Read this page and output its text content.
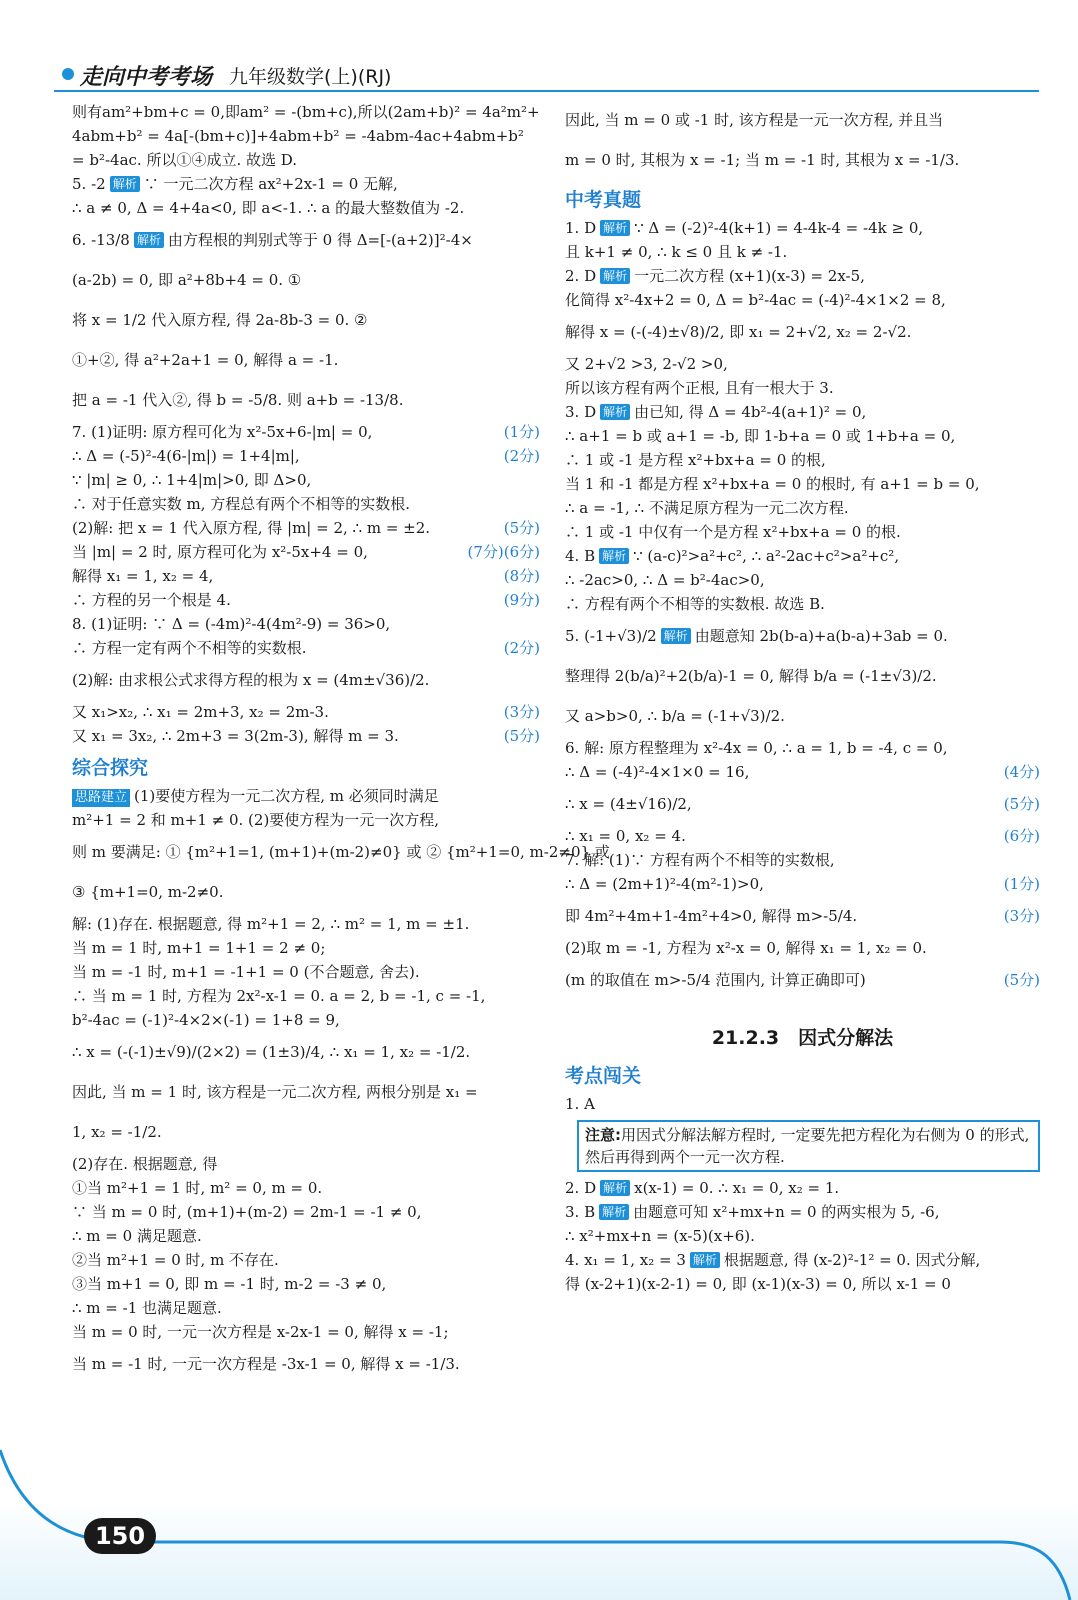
走向中考考场 九年级数学(上)(RJ)
则有am²+bm+c = 0,即am² = -(bm+c),所以(2am+b)² = 4a²m²+
4abm+b² = 4a[-(bm+c)]+4abm+b² = -4abm-4ac+4abm+b²
= b²-4ac. 所以①④成立. 故选 D.
5. -2 解析 ∵ 一元二次方程 ax²+2x-1 = 0 无解,
∴ a ≠ 0, Δ = 4+4a<0, 即 a<-1. ∴ a 的最大整数值为 -2.
6. -13/8 解析 由方程根的判别式等于 0 得 Δ=[-(a+2)]²-4×
(a-2b) = 0, 即 a²+8b+4 = 0. ①
将 x = 1/2 代入原方程, 得 2a-8b-3 = 0. ②
①+②, 得 a²+2a+1 = 0, 解得 a = -1.
把 a = -1 代入②, 得 b = -5/8. 则 a+b = -13/8.
(1分)
7. (1)证明: 原方程可化为 x²-5x+6-|m| = 0,
(2分)
∴ Δ = (-5)²-4(6-|m|) = 1+4|m|,
∵ |m| ≥ 0, ∴ 1+4|m|>0, 即 Δ>0,
∴ 对于任意实数 m, 方程总有两个不相等的实数根.
(5分)
(2)解: 把 x = 1 代入原方程, 得 |m| = 2, ∴ m = ±2.
(6分)
(7分)
当 |m| = 2 时, 原方程可化为 x²-5x+4 = 0,
(8分)
解得 x₁ = 1, x₂ = 4,
(9分)
∴ 方程的另一个根是 4.
8. (1)证明: ∵ Δ = (-4m)²-4(4m²-9) = 36>0,
(2分)
∴ 方程一定有两个不相等的实数根.
(2)解: 由求根公式求得方程的根为 x = (4m±√36)/2.
(3分)
又 x₁>x₂, ∴ x₁ = 2m+3, x₂ = 2m-3.
(5分)
又 x₁ = 3x₂, ∴ 2m+3 = 3(2m-3), 解得 m = 3.
综合探究
思路建立 (1)要使方程为一元二次方程, m 必须同时满足
m²+1 = 2 和 m+1 ≠ 0. (2)要使方程为一元一次方程,
则 m 要满足: ① {m²+1=1, (m+1)+(m-2)≠0} 或 ② {m²+1=0, m-2≠0} 或
③ {m+1=0, m-2≠0.
解: (1)存在. 根据题意, 得 m²+1 = 2, ∴ m² = 1, m = ±1.
当 m = 1 时, m+1 = 1+1 = 2 ≠ 0;
当 m = -1 时, m+1 = -1+1 = 0 (不合题意, 舍去).
∴ 当 m = 1 时, 方程为 2x²-x-1 = 0. a = 2, b = -1, c = -1,
b²-4ac = (-1)²-4×2×(-1) = 1+8 = 9,
∴ x = (-(-1)±√9)/(2×2) = (1±3)/4, ∴ x₁ = 1, x₂ = -1/2.
因此, 当 m = 1 时, 该方程是一元二次方程, 两根分别是 x₁ =
1, x₂ = -1/2.
(2)存在. 根据题意, 得
①当 m²+1 = 1 时, m² = 0, m = 0.
∵ 当 m = 0 时, (m+1)+(m-2) = 2m-1 = -1 ≠ 0,
∴ m = 0 满足题意.
②当 m²+1 = 0 时, m 不存在.
③当 m+1 = 0, 即 m = -1 时, m-2 = -3 ≠ 0,
∴ m = -1 也满足题意.
当 m = 0 时, 一元一次方程是 x-2x-1 = 0, 解得 x = -1;
当 m = -1 时, 一元一次方程是 -3x-1 = 0, 解得 x = -1/3.
因此, 当 m = 0 或 -1 时, 该方程是一元一次方程, 并且当
m = 0 时, 其根为 x = -1; 当 m = -1 时, 其根为 x = -1/3.
中考真题
1. D 解析 ∵ Δ = (-2)²-4(k+1) = 4-4k-4 = -4k ≥ 0,
且 k+1 ≠ 0, ∴ k ≤ 0 且 k ≠ -1.
2. D 解析 一元二次方程 (x+1)(x-3) = 2x-5,
化简得 x²-4x+2 = 0, Δ = b²-4ac = (-4)²-4×1×2 = 8,
解得 x = (-(-4)±√8)/2, 即 x₁ = 2+√2, x₂ = 2-√2.
又 2+√2 >3, 2-√2 >0,
所以该方程有两个正根, 且有一根大于 3.
3. D 解析 由已知, 得 Δ = 4b²-4(a+1)² = 0,
∴ a+1 = b 或 a+1 = -b, 即 1-b+a = 0 或 1+b+a = 0,
∴ 1 或 -1 是方程 x²+bx+a = 0 的根,
当 1 和 -1 都是方程 x²+bx+a = 0 的根时, 有 a+1 = b = 0,
∴ a = -1, ∴ 不满足原方程为一元二次方程.
∴ 1 或 -1 中仅有一个是方程 x²+bx+a = 0 的根.
4. B 解析 ∵ (a-c)²>a²+c², ∴ a²-2ac+c²>a²+c²,
∴ -2ac>0, ∴ Δ = b²-4ac>0,
∴ 方程有两个不相等的实数根. 故选 B.
5. (-1+√3)/2 解析 由题意知 2b(b-a)+a(b-a)+3ab = 0.
整理得 2(b/a)²+2(b/a)-1 = 0, 解得 b/a = (-1±√3)/2.
又 a>b>0, ∴ b/a = (-1+√3)/2.
6. 解: 原方程整理为 x²-4x = 0, ∴ a = 1, b = -4, c = 0,
(4分)
∴ Δ = (-4)²-4×1×0 = 16,
(5分)
∴ x = (4±√16)/2,
(6分)
∴ x₁ = 0, x₂ = 4.
7. 解: (1)∵ 方程有两个不相等的实数根,
(1分)
∴ Δ = (2m+1)²-4(m²-1)>0,
(3分)
即 4m²+4m+1-4m²+4>0, 解得 m>-5/4.
(2)取 m = -1, 方程为 x²-x = 0, 解得 x₁ = 1, x₂ = 0.
(5分)
(m 的取值在 m>-5/4 范围内, 计算正确即可)
21.2.3　因式分解法
考点闯关
1. A
注意:用因式分解法解方程时, 一定要先把方程化为右侧为 0 的形式, 然后再得到两个一元一次方程.
2. D 解析 x(x-1) = 0. ∴ x₁ = 0, x₂ = 1.
3. B 解析 由题意可知 x²+mx+n = 0 的两实根为 5, -6,
∴ x²+mx+n = (x-5)(x+6).
4. x₁ = 1, x₂ = 3 解析 根据题意, 得 (x-2)²-1² = 0. 因式分解,
得 (x-2+1)(x-2-1) = 0, 即 (x-1)(x-3) = 0, 所以 x-1 = 0
150
